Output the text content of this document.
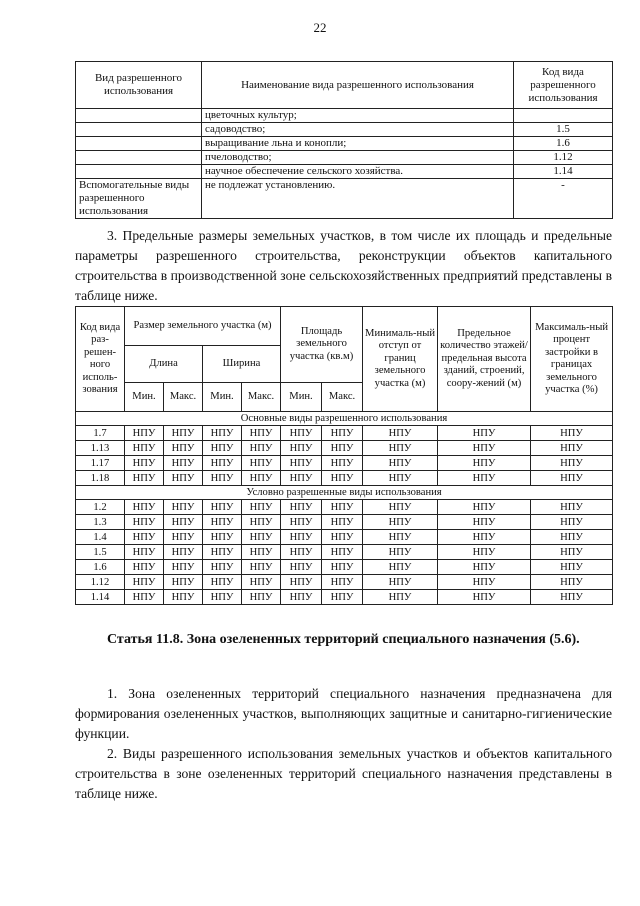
22
Вид разрешенного использования	Наименование вида разрешенного использования	Код вида разрешенного использования
	цветочных культур;	
	садоводство;	1.5
	выращивание льна и конопли;	1.6
	пчеловодство;	1.12
	научное обеспечение сельского хозяйства.	1.14
Вспомогательные виды разрешенного использования	не подлежат установлению.	-

3. Предельные размеры земельных участков, в том числе их площадь и предельные параметры разрешенного строительства, реконструкции объектов капитального строительства в производственной зоне сельскохозяйственных предприятий представлены в таблице ниже.

Код вида раз-решен-ного исполь-зования	Размер земельного участка (м)				Площадь земельного участка (кв.м)		Минималь-ный отступ от границ земельного участка (м)	Предельное количество этажей/ предельная высота зданий, строений, соору-жений (м)	Максималь-ный процент застройки в границах земельного участка (%)
	Длина		Ширина						
	Мин.	Макс.	Мин.	Макс.	Мин.	Макс.			
Основные виды разрешенного использования									
1.7	НПУ	НПУ	НПУ	НПУ	НПУ	НПУ	НПУ	НПУ	НПУ
1.13	НПУ	НПУ	НПУ	НПУ	НПУ	НПУ	НПУ	НПУ	НПУ
1.17	НПУ	НПУ	НПУ	НПУ	НПУ	НПУ	НПУ	НПУ	НПУ
1.18	НПУ	НПУ	НПУ	НПУ	НПУ	НПУ	НПУ	НПУ	НПУ
Условно разрешенные виды использования									
1.2	НПУ	НПУ	НПУ	НПУ	НПУ	НПУ	НПУ	НПУ	НПУ
1.3	НПУ	НПУ	НПУ	НПУ	НПУ	НПУ	НПУ	НПУ	НПУ
1.4	НПУ	НПУ	НПУ	НПУ	НПУ	НПУ	НПУ	НПУ	НПУ
1.5	НПУ	НПУ	НПУ	НПУ	НПУ	НПУ	НПУ	НПУ	НПУ
1.6	НПУ	НПУ	НПУ	НПУ	НПУ	НПУ	НПУ	НПУ	НПУ
1.12	НПУ	НПУ	НПУ	НПУ	НПУ	НПУ	НПУ	НПУ	НПУ
1.14	НПУ	НПУ	НПУ	НПУ	НПУ	НПУ	НПУ	НПУ	НПУ
Статья 11.8. Зона озелененных территорий специального назначения (5.6).

1. Зона озелененных территорий специального назначения предназначена для формирования озелененных участков, выполняющих защитные и санитарно-гигиенические функции.

2. Виды разрешенного использования земельных участков и объектов капитального строительства в зоне озелененных территорий специального назначения представлены в таблице ниже.
